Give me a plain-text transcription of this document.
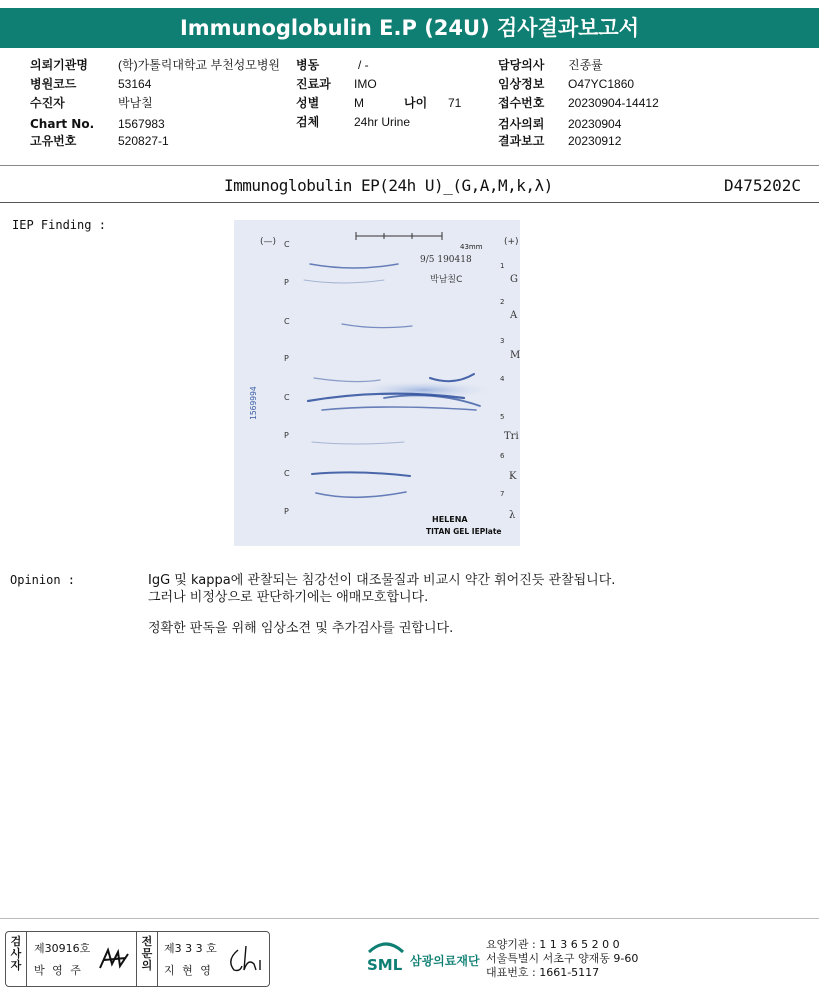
Immunoglobulin E.P (24U) 검사결과보고서
의뢰기관명	(학)가톨릭대학교 부천성모병원
병원코드	53164
수진자	박남칠
Chart No. 1567983
고유번호	520827-1
병동	/ -
진료과 IMO
성별	M	나이 71
검체	24hr Urine
담당의사 진종률
임상정보 O47YC1860
접수번호 20230904-14412
검사의뢰 20230904
결과보고 20230912
Immunoglobulin EP(24h U)_(G,A,M,k,λ)	D475202C
IEP Finding :
(—)	(+)
43mm
9/5 190418
박남칠C
1569994
C
P
C
P
C
P
C
P
1
2
3
4
5
6
7
G
A
M
Tri
K
λ
HELENA
TITAN GEL IEPlate
Opinion :	IgG 및 kappa에 관찰되는 침강선이 대조물질과 비교시 약간 휘어진듯 관찰됩니다.

그러나 비정상으로 판단하기에는 애매모호합니다.

정확한 판독을 위해 임상소견 및 추가검사를 권합니다.

검사자
제30916호
박 영 주
전문의
제3 3 3 호
지 현 영	SML 삼광의료재단
요양기관 : 1 1 3 6 5 2 0 0
서울특별시 서초구 양재동 9-60
대표번호 : 1661-5117
